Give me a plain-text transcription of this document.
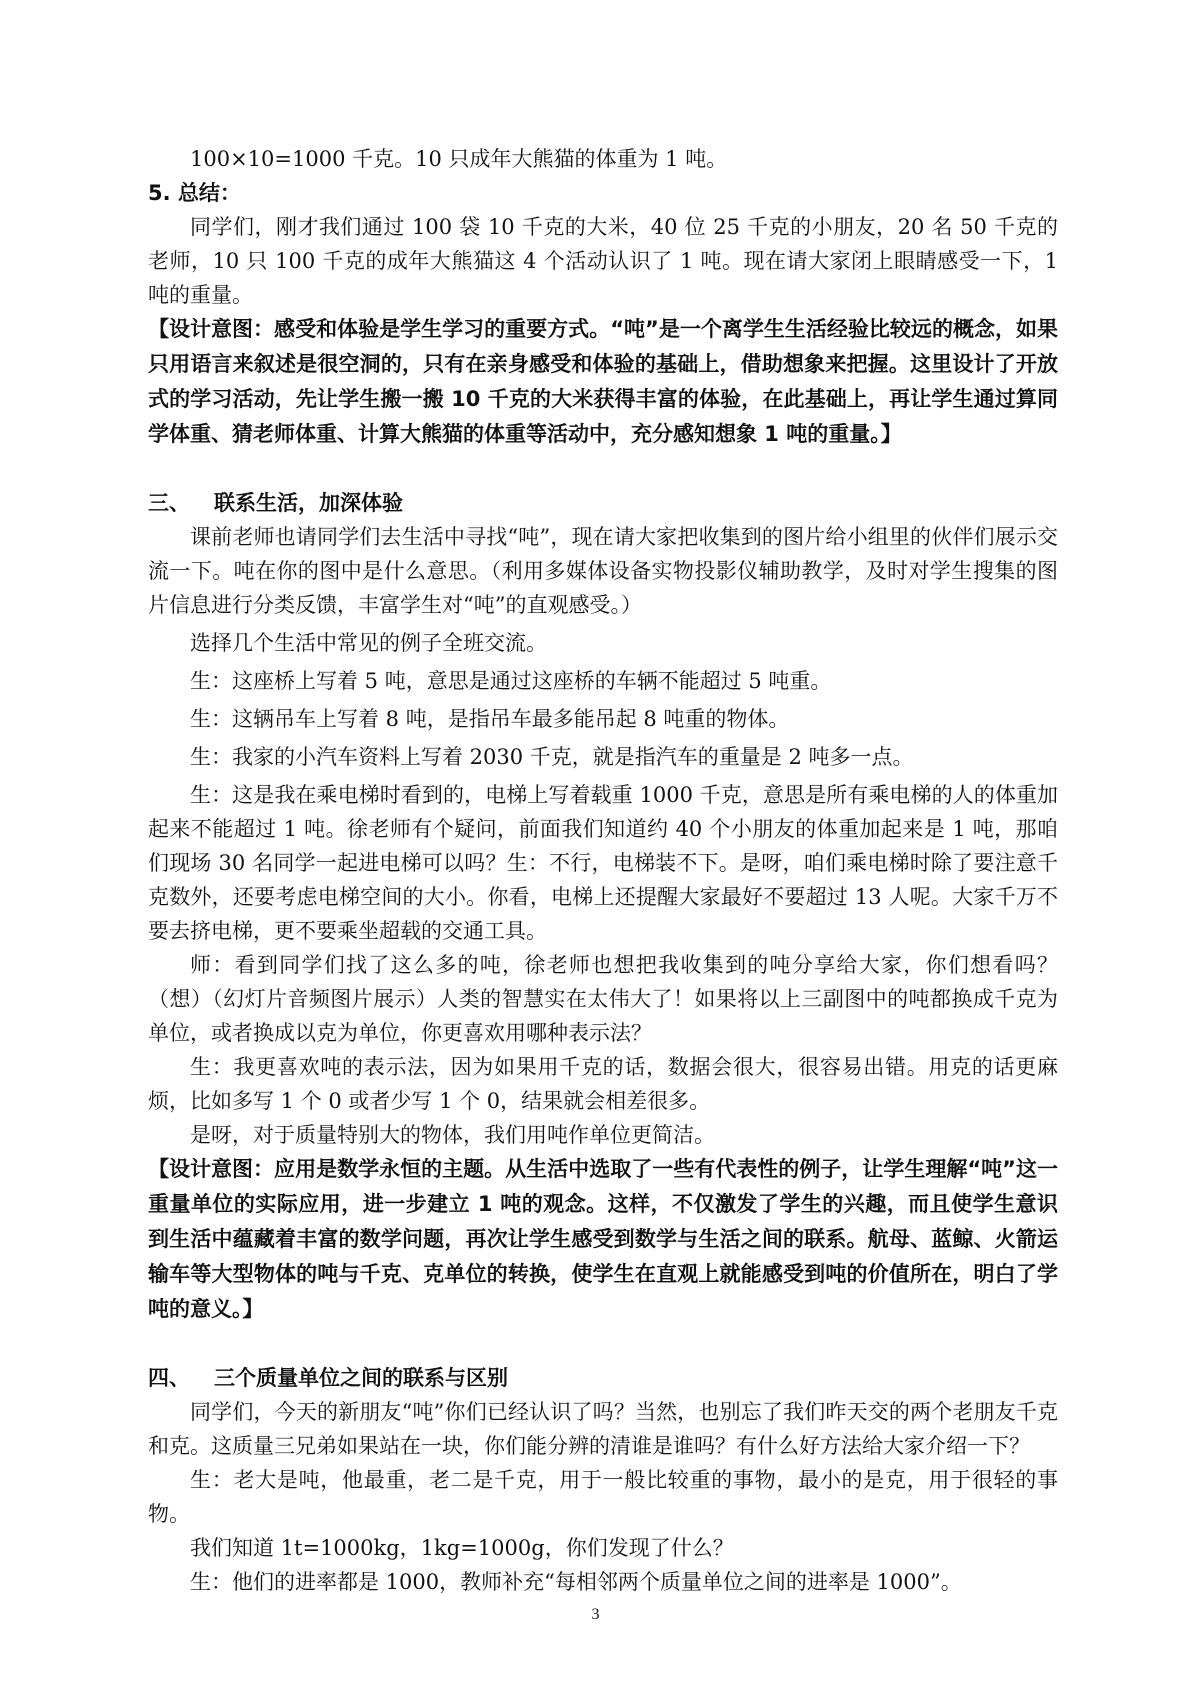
100×10=1000 千克。10 只成年大熊猫的体重为 1 吨。

5. 总结：

同学们，刚才我们通过 100 袋 10 千克的大米，40 位 25 千克的小朋友，20 名 50 千克的老师，10 只 100 千克的成年大熊猫这 4 个活动认识了 1 吨。现在请大家闭上眼睛感受一下，1 吨的重量。

【设计意图：感受和体验是学生学习的重要方式。“吨”是一个离学生生活经验比较远的概念，如果只用语言来叙述是很空洞的，只有在亲身感受和体验的基础上，借助想象来把握。这里设计了开放式的学习活动，先让学生搬一搬 10 千克的大米获得丰富的体验，在此基础上，再让学生通过算同学体重、猜老师体重、计算大熊猫的体重等活动中，充分感知想象 1 吨的重量。】

三、 联系生活，加深体验

课前老师也请同学们去生活中寻找“吨”，现在请大家把收集到的图片给小组里的伙伴们展示交流一下。吨在你的图中是什么意思。（利用多媒体设备实物投影仪辅助教学，及时对学生搜集的图片信息进行分类反馈，丰富学生对“吨”的直观感受。）

选择几个生活中常见的例子全班交流。

生：这座桥上写着 5 吨，意思是通过这座桥的车辆不能超过 5 吨重。

生：这辆吊车上写着 8 吨，是指吊车最多能吊起 8 吨重的物体。

生：我家的小汽车资料上写着 2030 千克，就是指汽车的重量是 2 吨多一点。

生：这是我在乘电梯时看到的，电梯上写着载重 1000 千克，意思是所有乘电梯的人的体重加起来不能超过 1 吨。徐老师有个疑问，前面我们知道约 40 个小朋友的体重加起来是 1 吨，那咱们现场 30 名同学一起进电梯可以吗？生：不行，电梯装不下。是呀，咱们乘电梯时除了要注意千克数外，还要考虑电梯空间的大小。你看，电梯上还提醒大家最好不要超过 13 人呢。大家千万不要去挤电梯，更不要乘坐超载的交通工具。

师：看到同学们找了这么多的吨，徐老师也想把我收集到的吨分享给大家，你们想看吗？（想）（幻灯片音频图片展示）人类的智慧实在太伟大了！如果将以上三副图中的吨都换成千克为单位，或者换成以克为单位，你更喜欢用哪种表示法？

生：我更喜欢吨的表示法，因为如果用千克的话，数据会很大，很容易出错。用克的话更麻烦，比如多写 1 个 0 或者少写 1 个 0，结果就会相差很多。

是呀，对于质量特别大的物体，我们用吨作单位更简洁。

【设计意图：应用是数学永恒的主题。从生活中选取了一些有代表性的例子，让学生理解“吨”这一重量单位的实际应用，进一步建立 1 吨的观念。这样，不仅激发了学生的兴趣，而且使学生意识到生活中蕴藏着丰富的数学问题，再次让学生感受到数学与生活之间的联系。航母、蓝鲸、火箭运输车等大型物体的吨与千克、克单位的转换，使学生在直观上就能感受到吨的价值所在，明白了学吨的意义。】

四、 三个质量单位之间的联系与区别

同学们，今天的新朋友“吨”你们已经认识了吗？当然，也别忘了我们昨天交的两个老朋友千克和克。这质量三兄弟如果站在一块，你们能分辨的清谁是谁吗？有什么好方法给大家介绍一下？

生：老大是吨，他最重，老二是千克，用于一般比较重的事物，最小的是克，用于很轻的事物。

我们知道 1t=1000kg，1kg=1000g，你们发现了什么？

生：他们的进率都是 1000，教师补充“每相邻两个质量单位之间的进率是 1000”。

3
